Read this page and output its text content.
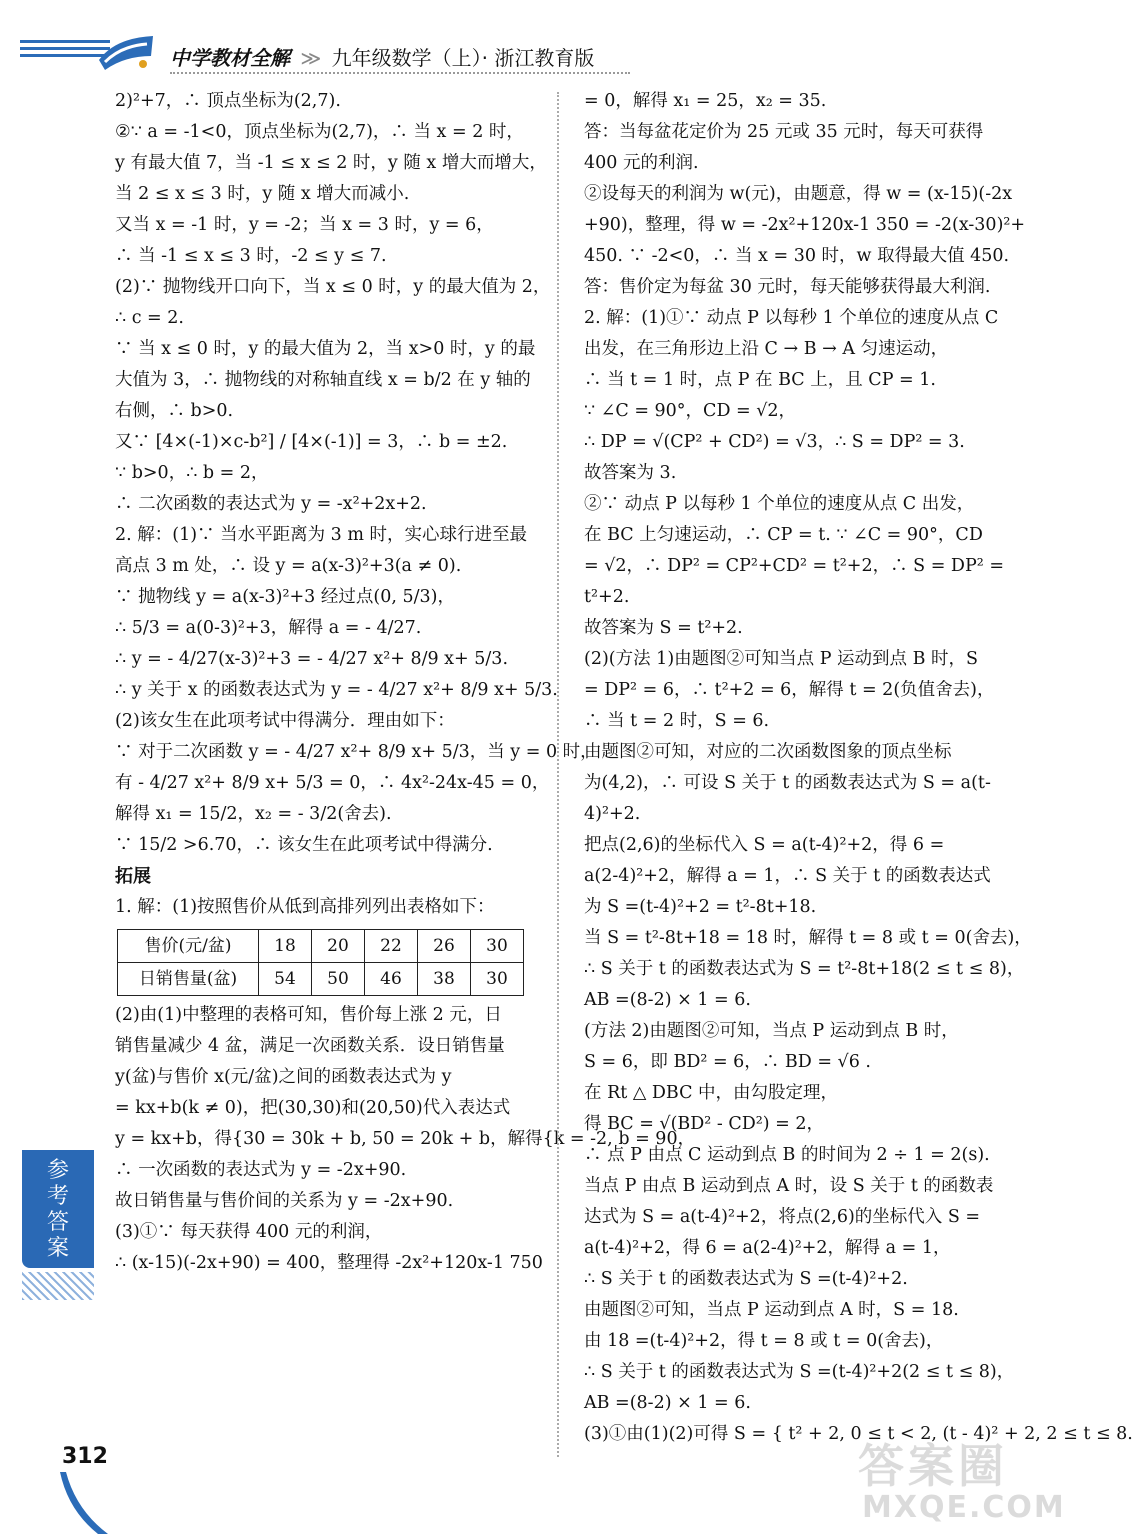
中学教材全解 ≫ 九年级数学（上）· 浙江教育版
2)²+7，∴ 顶点坐标为(2,7).
②∵ a = -1<0，顶点坐标为(2,7)，∴ 当 x = 2 时，
y 有最大值 7，当 -1 ≤ x ≤ 2 时，y 随 x 增大而增大，
当 2 ≤ x ≤ 3 时，y 随 x 增大而减小.
又当 x = -1 时，y = -2；当 x = 3 时，y = 6，
∴ 当 -1 ≤ x ≤ 3 时，-2 ≤ y ≤ 7.
(2)∵ 抛物线开口向下，当 x ≤ 0 时，y 的最大值为 2，
∴ c = 2.
∵ 当 x ≤ 0 时，y 的最大值为 2，当 x>0 时，y 的最
大值为 3，∴ 抛物线的对称轴直线 x = b/2 在 y 轴的
右侧，∴ b>0.
又∵ [4×(-1)×c-b²] / [4×(-1)] = 3，∴ b = ±2.
∵ b>0，∴ b = 2，
∴ 二次函数的表达式为 y = -x²+2x+2.
2. 解：(1)∵ 当水平距离为 3 m 时，实心球行进至最
高点 3 m 处，∴ 设 y = a(x-3)²+3(a ≠ 0).
∵ 抛物线 y = a(x-3)²+3 经过点(0, 5/3)，
∴ 5/3 = a(0-3)²+3，解得 a = - 4/27.
∴ y = - 4/27(x-3)²+3 = - 4/27 x²+ 8/9 x+ 5/3.
∴ y 关于 x 的函数表达式为 y = - 4/27 x²+ 8/9 x+ 5/3.
(2)该女生在此项考试中得满分．理由如下：
∵ 对于二次函数 y = - 4/27 x²+ 8/9 x+ 5/3，当 y = 0 时，
有 - 4/27 x²+ 8/9 x+ 5/3 = 0，∴ 4x²-24x-45 = 0，
解得 x₁ = 15/2，x₂ = - 3/2(舍去).
∵ 15/2 >6.70，∴ 该女生在此项考试中得满分.
拓展
1. 解：(1)按照售价从低到高排列列出表格如下：
售价(元/盆)	18	20	22	26	30
日销售量(盆)	54	50	46	38	30
(2)由(1)中整理的表格可知，售价每上涨 2 元，日
销售量减少 4 盆，满足一次函数关系．设日销售量
y(盆)与售价 x(元/盆)之间的函数表达式为 y
= kx+b(k ≠ 0)，把(30,30)和(20,50)代入表达式
y = kx+b，得{30 = 30k + b, 50 = 20k + b，解得{k = -2, b = 90，
∴ 一次函数的表达式为 y = -2x+90.
故日销售量与售价间的关系为 y = -2x+90.
(3)①∵ 每天获得 400 元的利润，
∴ (x-15)(-2x+90) = 400，整理得 -2x²+120x-1 750
= 0，解得 x₁ = 25，x₂ = 35.
答：当每盆花定价为 25 元或 35 元时，每天可获得
400 元的利润.
②设每天的利润为 w(元)，由题意，得 w = (x-15)(-2x
+90)，整理，得 w = -2x²+120x-1 350 = -2(x-30)²+
450. ∵ -2<0，∴ 当 x = 30 时，w 取得最大值 450.
答：售价定为每盆 30 元时，每天能够获得最大利润.
2. 解：(1)①∵ 动点 P 以每秒 1 个单位的速度从点 C
出发，在三角形边上沿 C → B → A 匀速运动，
∴ 当 t = 1 时，点 P 在 BC 上，且 CP = 1.
∵ ∠C = 90°，CD = √2，
∴ DP = √(CP² + CD²) = √3，∴ S = DP² = 3.
故答案为 3.
②∵ 动点 P 以每秒 1 个单位的速度从点 C 出发，
在 BC 上匀速运动，∴ CP = t. ∵ ∠C = 90°，CD
= √2，∴ DP² = CP²+CD² = t²+2，∴ S = DP² =
t²+2.
故答案为 S = t²+2.
(2)(方法 1)由题图②可知当点 P 运动到点 B 时，S
= DP² = 6，∴ t²+2 = 6，解得 t = 2(负值舍去)，
∴ 当 t = 2 时，S = 6.
由题图②可知，对应的二次函数图象的顶点坐标
为(4,2)，∴ 可设 S 关于 t 的函数表达式为 S = a(t-
4)²+2.
把点(2,6)的坐标代入 S = a(t-4)²+2，得 6 =
a(2-4)²+2，解得 a = 1，∴ S 关于 t 的函数表达式
为 S =(t-4)²+2 = t²-8t+18.
当 S = t²-8t+18 = 18 时，解得 t = 8 或 t = 0(舍去)，
∴ S 关于 t 的函数表达式为 S = t²-8t+18(2 ≤ t ≤ 8)，
AB =(8-2) × 1 = 6.
(方法 2)由题图②可知，当点 P 运动到点 B 时，
S = 6，即 BD² = 6，∴ BD = √6 .
在 Rt △ DBC 中，由勾股定理，
得 BC = √(BD² - CD²) = 2，
∴ 点 P 由点 C 运动到点 B 的时间为 2 ÷ 1 = 2(s).
当点 P 由点 B 运动到点 A 时，设 S 关于 t 的函数表
达式为 S = a(t-4)²+2，将点(2,6)的坐标代入 S =
a(t-4)²+2，得 6 = a(2-4)²+2，解得 a = 1，
∴ S 关于 t 的函数表达式为 S =(t-4)²+2.
由题图②可知，当点 P 运动到点 A 时，S = 18.
由 18 =(t-4)²+2，得 t = 8 或 t = 0(舍去)，
∴ S 关于 t 的函数表达式为 S =(t-4)²+2(2 ≤ t ≤ 8)，
AB =(8-2) × 1 = 6.
(3)①由(1)(2)可得 S = { t² + 2, 0 ≤ t < 2, (t - 4)² + 2, 2 ≤ t ≤ 8.
参考答案
312	答案圈
MXQE.COM
